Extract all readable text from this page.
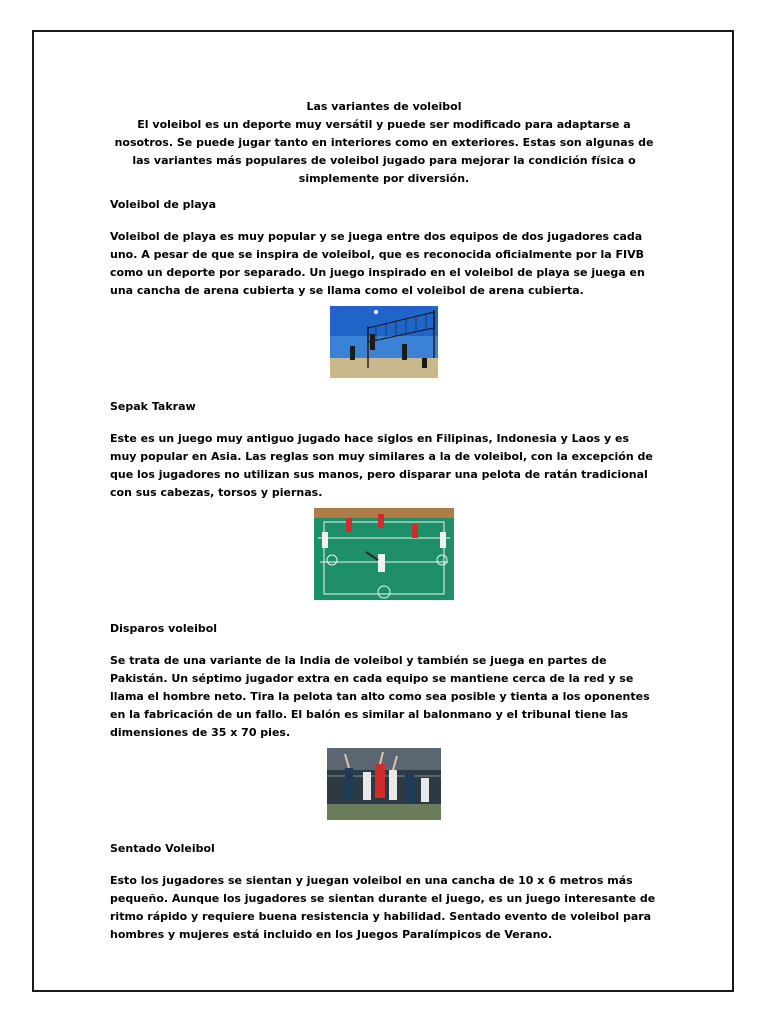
Las variantes de voleibol

El voleibol es un deporte muy versátil y puede ser modificado para adaptarse a nosotros. Se puede jugar tanto en interiores como en exteriores. Estas son algunas de las variantes más populares de voleibol jugado para mejorar la condición física o simplemente por diversión.

Voleibol de playa

Voleibol de playa es muy popular y se juega entre dos equipos de dos jugadores cada uno. A pesar de que se inspira de voleibol, que es reconocida oficialmente por la FIVB como un deporte por separado. Un juego inspirado en el voleibol de playa se juega en una cancha de arena cubierta y se llama como el voleibol de arena cubierta.

Sepak Takraw

Este es un juego muy antiguo jugado hace siglos en Filipinas, Indonesia y Laos y es muy popular en Asia. Las reglas son muy similares a la de voleibol, con la excepción de que los jugadores no utilizan sus manos, pero disparar una pelota de ratán tradicional con sus cabezas, torsos y piernas.

Disparos voleibol

Se trata de una variante de la India de voleibol y también se juega en partes de Pakistán. Un séptimo jugador extra en cada equipo se mantiene cerca de la red y se llama el hombre neto. Tira la pelota tan alto como sea posible y tienta a los oponentes en la fabricación de un fallo. El balón es similar al balonmano y el tribunal tiene las dimensiones de 35 x 70 pies.

Sentado Voleibol

Esto los jugadores se sientan y juegan voleibol en una cancha de 10 x 6 metros más pequeño. Aunque los jugadores se sientan durante el juego, es un juego interesante de ritmo rápido y requiere buena resistencia y habilidad. Sentado evento de voleibol para hombres y mujeres está incluido en los Juegos Paralímpicos de Verano.
